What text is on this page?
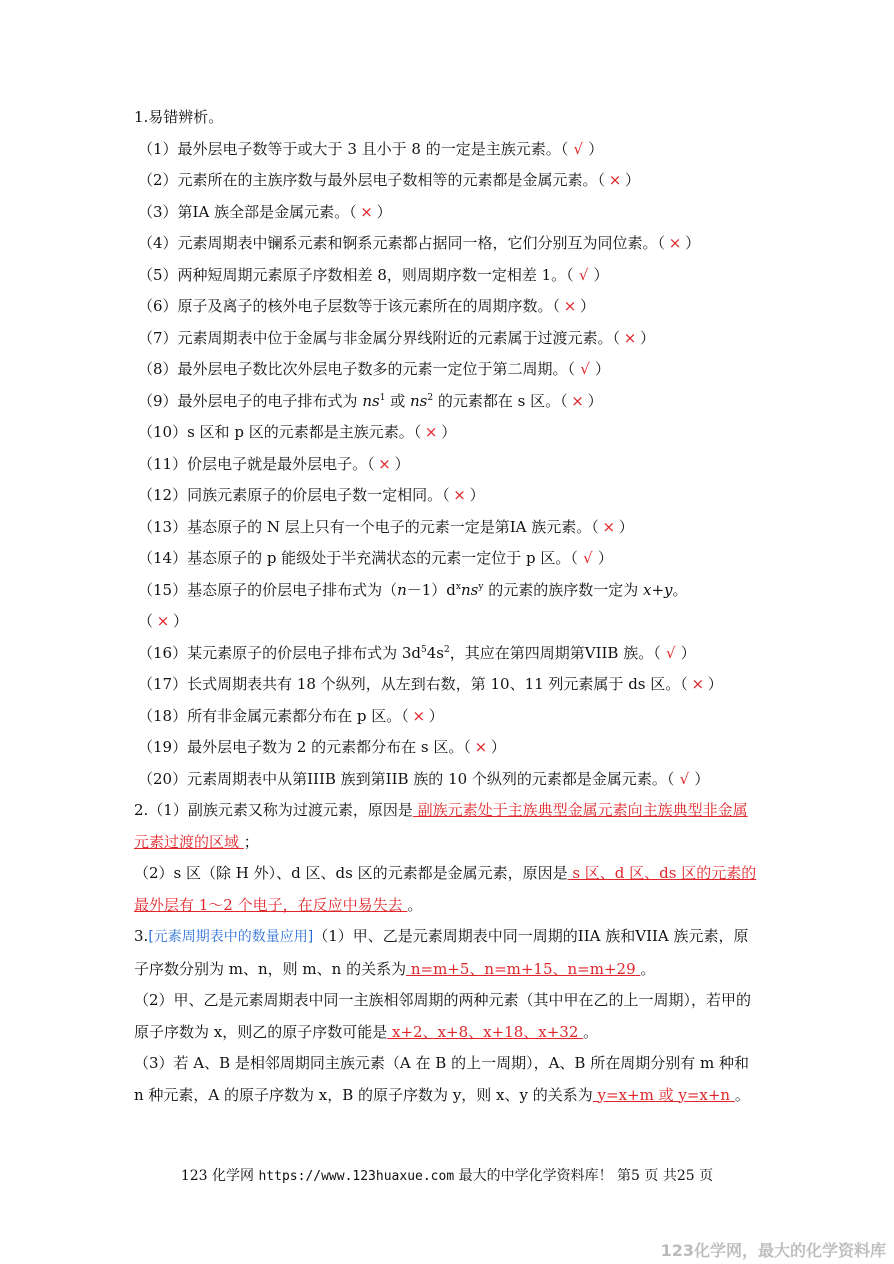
1.易错辨析。
（1）最外层电子数等于或大于 3 且小于 8 的一定是主族元素。（ √ ）
（2）元素所在的主族序数与最外层电子数相等的元素都是金属元素。（ × ）
（3）第IA 族全部是金属元素。（ × ）
（4）元素周期表中镧系元素和锕系元素都占据同一格，它们分别互为同位素。（ × ）
（5）两种短周期元素原子序数相差 8，则周期序数一定相差 1。（ √ ）
（6）原子及离子的核外电子层数等于该元素所在的周期序数。（ × ）
（7）元素周期表中位于金属与非金属分界线附近的元素属于过渡元素。（ × ）
（8）最外层电子数比次外层电子数多的元素一定位于第二周期。（ √ ）
（9）最外层电子的电子排布式为 $ns^1$ 或 $ns^2$ 的元素都在 s 区。（ × ）
（10）s 区和 p 区的元素都是主族元素。（ × ）
（11）价层电子就是最外层电子。（ × ）
（12）同族元素原子的价层电子数一定相同。（ × ）
（13）基态原子的 N 层上只有一个电子的元素一定是第IA 族元素。（ × ）
（14）基态原子的 p 能级处于半充满状态的元素一定位于 p 区。（ √ ）
（15）基态原子的价层电子排布式为$(n-1)d^xns^y$ 的元素的族序数一定为 x+y。
（ × ）
（16）某元素原子的价层电子排布式为 $3d^54s^2$，其应在第四周期第VIIB 族。（ √ ）
（17）长式周期表共有 18 个纵列，从左到右数，第 10、11 列元素属于 ds 区。（ × ）
（18）所有非金属元素都分布在 p 区。（ × ）
（19）最外层电子数为 2 的元素都分布在 s 区。（ × ）
（20）元素周期表中从第IIIB 族到第IIB 族的 10 个纵列的元素都是金属元素。（ √ ）
2.（1）副族元素又称为过渡元素，原因是 副族元素处于主族典型金属元素向主族典型非金属元素过渡的区域 ；
（2）s 区（除 H 外）、d 区、ds 区的元素都是金属元素，原因是 s 区、d 区、ds 区的元素的最外层有 1～2 个电子，在反应中易失去 。
3.[元素周期表中的数量应用]（1）甲、乙是元素周期表中同一周期的IIA 族和VIIA 族元素，原子序数分别为 m、n，则 m、n 的关系为 n=m+5、n=m+15、n=m+29 。
（2）甲、乙是元素周期表中同一主族相邻周期的两种元素（其中甲在乙的上一周期），若甲的原子序数为 x，则乙的原子序数可能是 x+2、x+8、x+18、x+32 。
（3）若 A、B 是相邻周期同主族元素（A 在 B 的上一周期），A、B 所在周期分别有 m 种和 n 种元素，A 的原子序数为 x，B 的原子序数为 y，则 x、y 的关系为 y=x+m 或 y=x+n 。
123 化学网 https://www.123huaxue.com 最大的中学化学资料库！ 第5 页 共25 页
123化学网，最大的化学资料库
